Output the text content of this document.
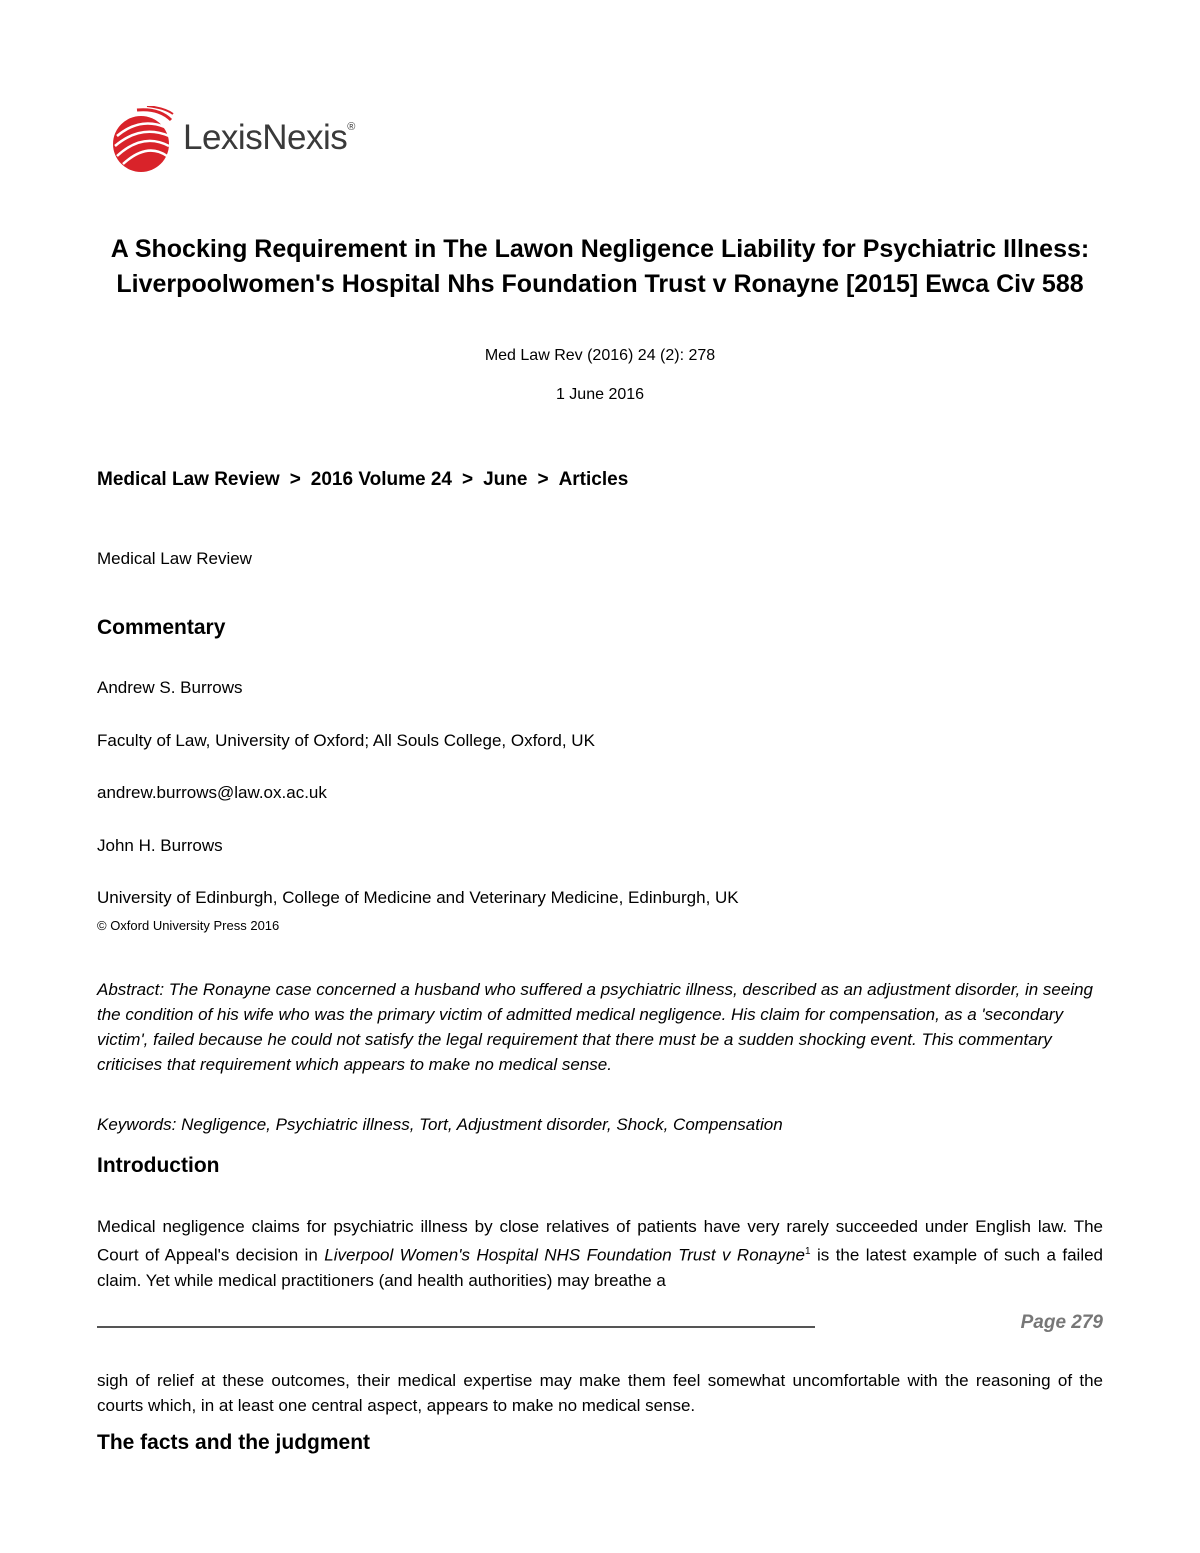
LexisNexis®
A Shocking Requirement in The Lawon Negligence Liability for Psychiatric Illness: Liverpoolwomen's Hospital Nhs Foundation Trust v Ronayne [2015] Ewca Civ 588
Med Law Rev (2016) 24 (2): 278
1 June 2016
Medical Law Review > 2016 Volume 24 > June > Articles
Medical Law Review
Commentary
Andrew S. Burrows
Faculty of Law, University of Oxford; All Souls College, Oxford, UK
andrew.burrows@law.ox.ac.uk
John H. Burrows
University of Edinburgh, College of Medicine and Veterinary Medicine, Edinburgh, UK
© Oxford University Press 2016
Abstract: The Ronayne case concerned a husband who suffered a psychiatric illness, described as an adjustment disorder, in seeing the condition of his wife who was the primary victim of admitted medical negligence. His claim for compensation, as a 'secondary victim', failed because he could not satisfy the legal requirement that there must be a sudden shocking event. This commentary criticises that requirement which appears to make no medical sense.
Keywords: Negligence, Psychiatric illness, Tort, Adjustment disorder, Shock, Compensation
Introduction
Medical negligence claims for psychiatric illness by close relatives of patients have very rarely succeeded under English law. The Court of Appeal's decision in Liverpool Women's Hospital NHS Foundation Trust v Ronayne$^1$ is the latest example of such a failed claim. Yet while medical practitioners (and health authorities) may breathe a
Page 279
sigh of relief at these outcomes, their medical expertise may make them feel somewhat uncomfortable with the reasoning of the courts which, in at least one central aspect, appears to make no medical sense.
The facts and the judgment
